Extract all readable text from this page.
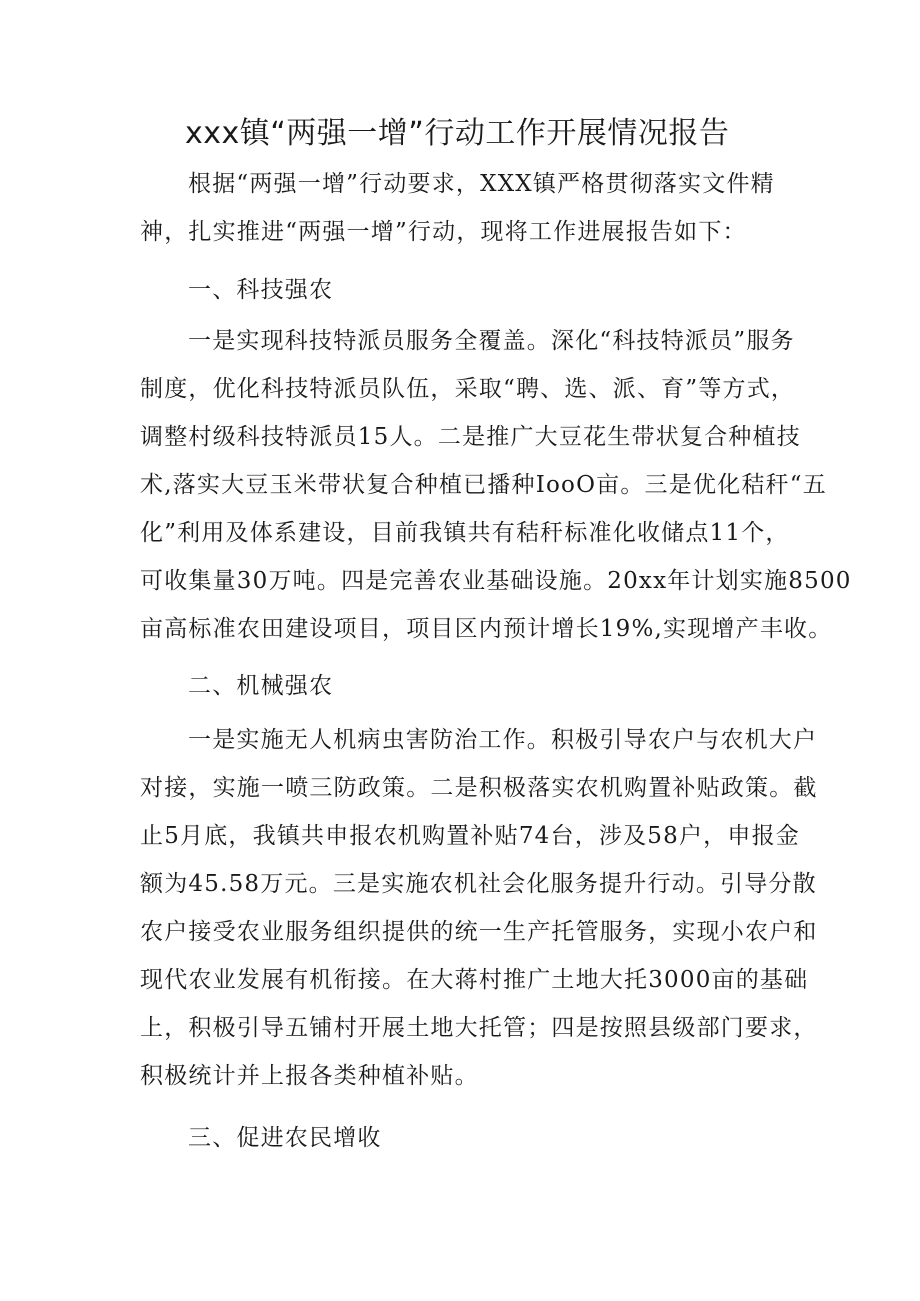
xxx镇“两强一增”行动工作开展情况报告
根据“两强一增”行动要求，XXX镇严格贯彻落实文件精
神，扎实推进“两强一增”行动，现将工作进展报告如下：
一、科技强农
一是实现科技特派员服务全覆盖。深化“科技特派员”服务
制度，优化科技特派员队伍，采取“聘、选、派、育”等方式，
调整村级科技特派员15人。二是推广大豆花生带状复合种植技
术,落实大豆玉米带状复合种植已播种IooO亩。三是优化秸秆“五
化”利用及体系建设，目前我镇共有秸秆标准化收储点11个，
可收集量30万吨。四是完善农业基础设施。20xx年计划实施8500
亩高标准农田建设项目，项目区内预计增长19%,实现增产丰收。
二、机械强农
一是实施无人机病虫害防治工作。积极引导农户与农机大户
对接，实施一喷三防政策。二是积极落实农机购置补贴政策。截
止5月底，我镇共申报农机购置补贴74台，涉及58户，申报金
额为45.58万元。三是实施农机社会化服务提升行动。引导分散
农户接受农业服务组织提供的统一生产托管服务，实现小农户和
现代农业发展有机衔接。在大蒋村推广土地大托3000亩的基础
上，积极引导五铺村开展土地大托管；四是按照县级部门要求，
积极统计并上报各类种植补贴。
三、促进农民增收
